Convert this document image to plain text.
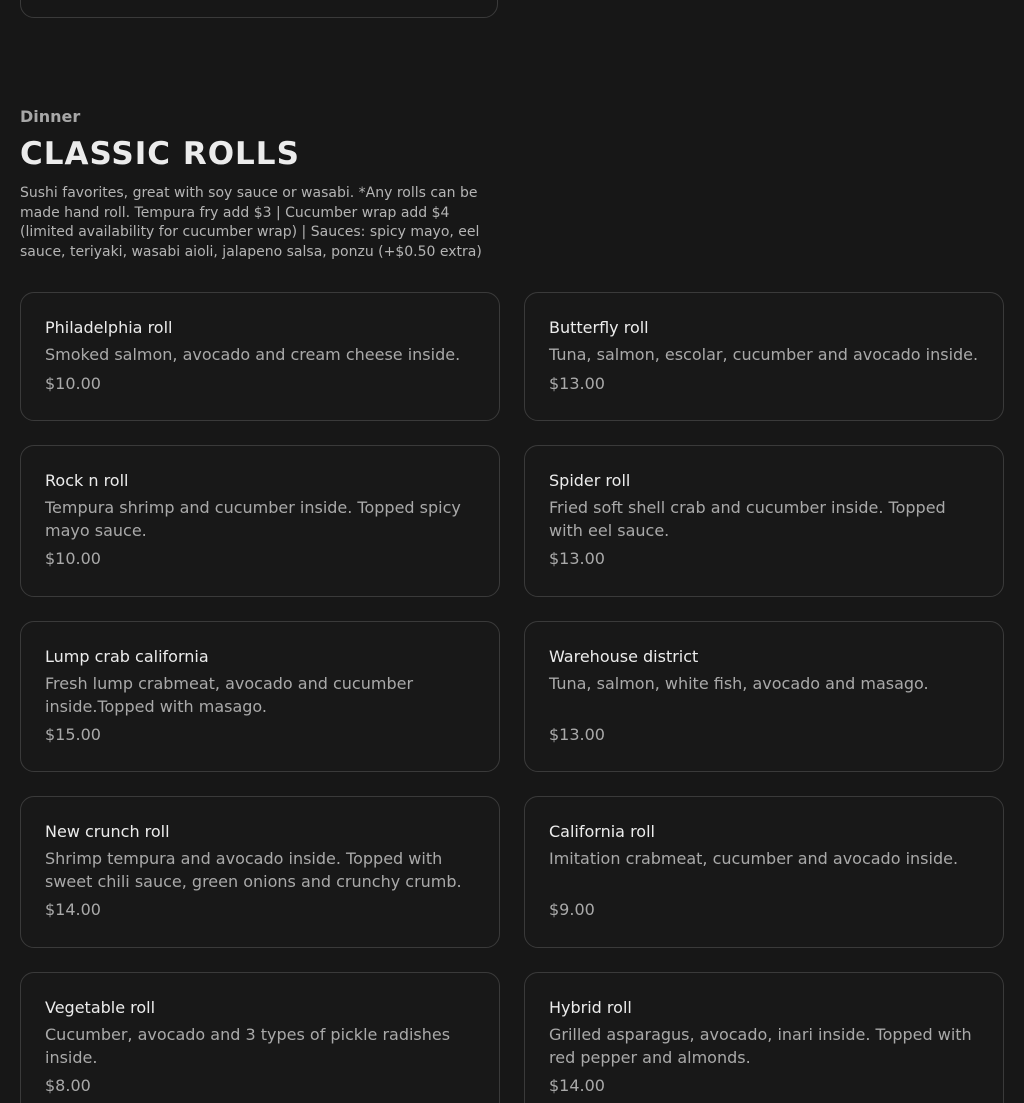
Dinner

CLASSIC ROLLS

Sushi favorites, great with soy sauce or wasabi. *Any rolls can be made hand roll. Tempura fry add $3 | Cucumber wrap add $4 (limited availability for cucumber wrap) | Sauces: spicy mayo, eel sauce, teriyaki, wasabi aioli, jalapeno salsa, ponzu (+$0.50 extra)

Philadelphia roll
Smoked salmon, avocado and cream cheese inside.
$10.00
Butterfly roll
Tuna, salmon, escolar, cucumber and avocado inside.
$13.00
Rock n roll
Tempura shrimp and cucumber inside. Topped spicy mayo sauce.
$10.00
Spider roll
Fried soft shell crab and cucumber inside. Topped with eel sauce.
$13.00
Lump crab california
Fresh lump crabmeat, avocado and cucumber inside.Topped with masago.
$15.00
Warehouse district
Tuna, salmon, white fish, avocado and masago.
$13.00
New crunch roll
Shrimp tempura and avocado inside. Topped with sweet chili sauce, green onions and crunchy crumb.
$14.00
California roll
Imitation crabmeat, cucumber and avocado inside.
$9.00
Vegetable roll
Cucumber, avocado and 3 types of pickle radishes inside.
$8.00
Hybrid roll
Grilled asparagus, avocado, inari inside. Topped with red pepper and almonds.
$14.00
